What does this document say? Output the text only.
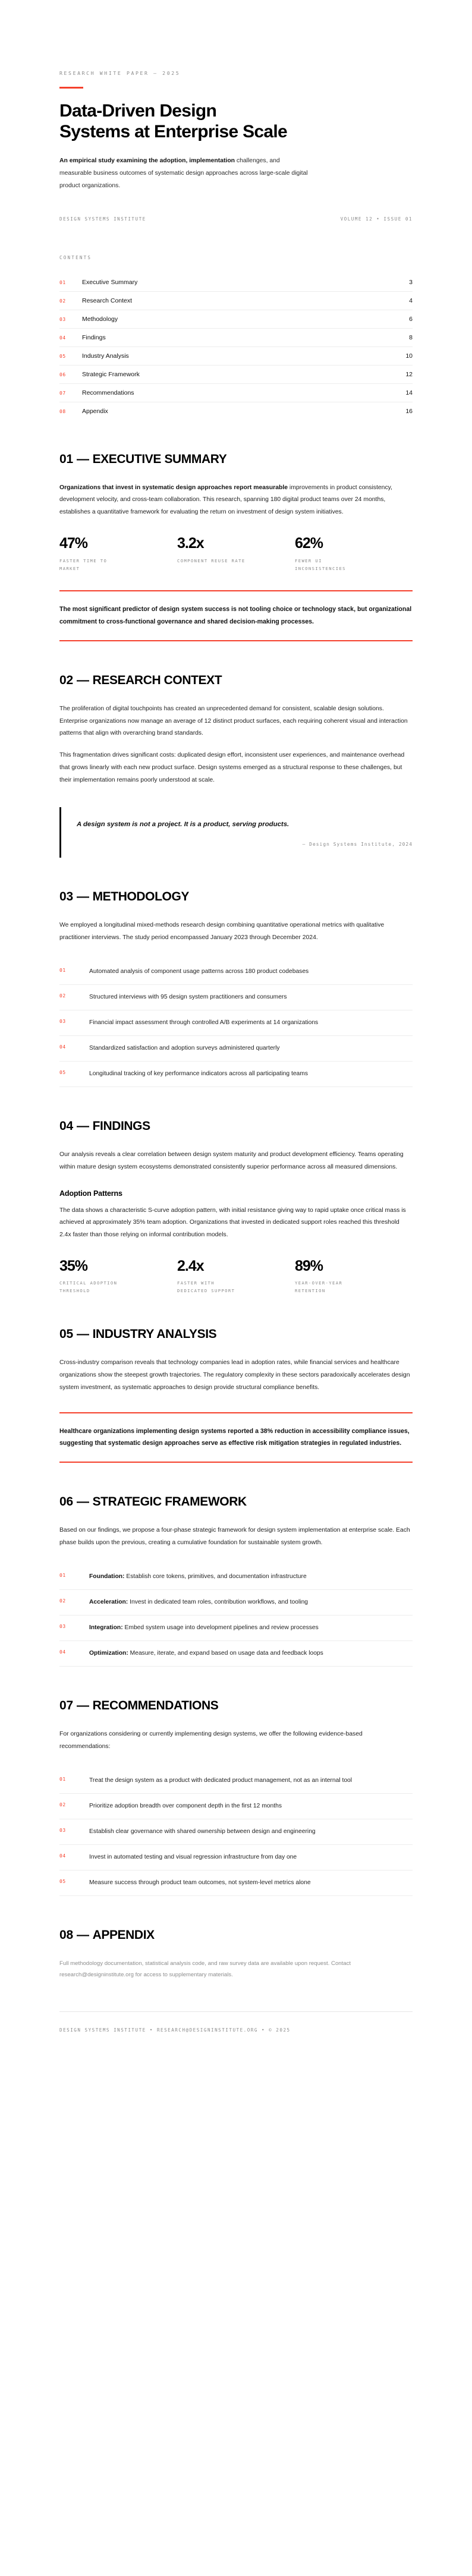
RESEARCH WHITE PAPER — 2025
Data-Driven Design
Systems at Enterprise Scale

An empirical study examining the adoption, implementation challenges, and measurable business outcomes of systematic design approaches across large-scale digital product organizations.

DESIGN SYSTEMS INSTITUTE	VOLUME 12 • ISSUE 01
CONTENTS
01	Executive Summary	3
02	Research Context	4
03	Methodology	6
04	Findings	8
05	Industry Analysis	10
06	Strategic Framework	12
07	Recommendations	14
08	Appendix	16
01 — EXECUTIVE SUMMARY

Organizations that invest in systematic design approaches report measurable improvements in product consistency, development velocity, and cross-team collaboration. This research, spanning 180 digital product teams over 24 months, establishes a quantitative framework for evaluating the return on investment of design system initiatives.

47%
FASTER TIME TO MARKET
3.2x
COMPONENT REUSE RATE
62%
FEWER UI INCONSISTENCIES

The most significant predictor of design system success is not tooling choice or technology stack, but organizational commitment to cross-functional governance and shared decision-making processes.

02 — RESEARCH CONTEXT

The proliferation of digital touchpoints has created an unprecedented demand for consistent, scalable design solutions. Enterprise organizations now manage an average of 12 distinct product surfaces, each requiring coherent visual and interaction patterns that align with overarching brand standards.

This fragmentation drives significant costs: duplicated design effort, inconsistent user experiences, and maintenance overhead that grows linearly with each new product surface. Design systems emerged as a structural response to these challenges, but their implementation remains poorly understood at scale.

A design system is not a project. It is a product, serving products.
— Design Systems Institute, 2024
03 — METHODOLOGY

We employed a longitudinal mixed-methods research design combining quantitative operational metrics with qualitative practitioner interviews. The study period encompassed January 2023 through December 2024.

01	Automated analysis of component usage patterns across 180 product codebases
02	Structured interviews with 95 design system practitioners and consumers
03	Financial impact assessment through controlled A/B experiments at 14 organizations
04	Standardized satisfaction and adoption surveys administered quarterly
05	Longitudinal tracking of key performance indicators across all participating teams
04 — FINDINGS

Our analysis reveals a clear correlation between design system maturity and product development efficiency. Teams operating within mature design system ecosystems demonstrated consistently superior performance across all measured dimensions.

Adoption Patterns

The data shows a characteristic S-curve adoption pattern, with initial resistance giving way to rapid uptake once critical mass is achieved at approximately 35% team adoption. Organizations that invested in dedicated support roles reached this threshold 2.4x faster than those relying on informal contribution models.

35%
CRITICAL ADOPTION THRESHOLD
2.4x
FASTER WITH DEDICATED SUPPORT
89%
YEAR-OVER-YEAR RETENTION
05 — INDUSTRY ANALYSIS

Cross-industry comparison reveals that technology companies lead in adoption rates, while financial services and healthcare organizations show the steepest growth trajectories. The regulatory complexity in these sectors paradoxically accelerates design system investment, as systematic approaches to design provide structural compliance benefits.

Healthcare organizations implementing design systems reported a 38% reduction in accessibility compliance issues, suggesting that systematic design approaches serve as effective risk mitigation strategies in regulated industries.

06 — STRATEGIC FRAMEWORK

Based on our findings, we propose a four-phase strategic framework for design system implementation at enterprise scale. Each phase builds upon the previous, creating a cumulative foundation for sustainable system growth.

01	Foundation: Establish core tokens, primitives, and documentation infrastructure
02	Acceleration: Invest in dedicated team roles, contribution workflows, and tooling
03	Integration: Embed system usage into development pipelines and review processes
04	Optimization: Measure, iterate, and expand based on usage data and feedback loops
07 — RECOMMENDATIONS

For organizations considering or currently implementing design systems, we offer the following evidence-based recommendations:

01	Treat the design system as a product with dedicated product management, not as an internal tool
02	Prioritize adoption breadth over component depth in the first 12 months
03	Establish clear governance with shared ownership between design and engineering
04	Invest in automated testing and visual regression infrastructure from day one
05	Measure success through product team outcomes, not system-level metrics alone
08 — APPENDIX

Full methodology documentation, statistical analysis code, and raw survey data are available upon request. Contact research@designinstitute.org for access to supplementary materials.

DESIGN SYSTEMS INSTITUTE • RESEARCH@DESIGNINSTITUTE.ORG • © 2025
